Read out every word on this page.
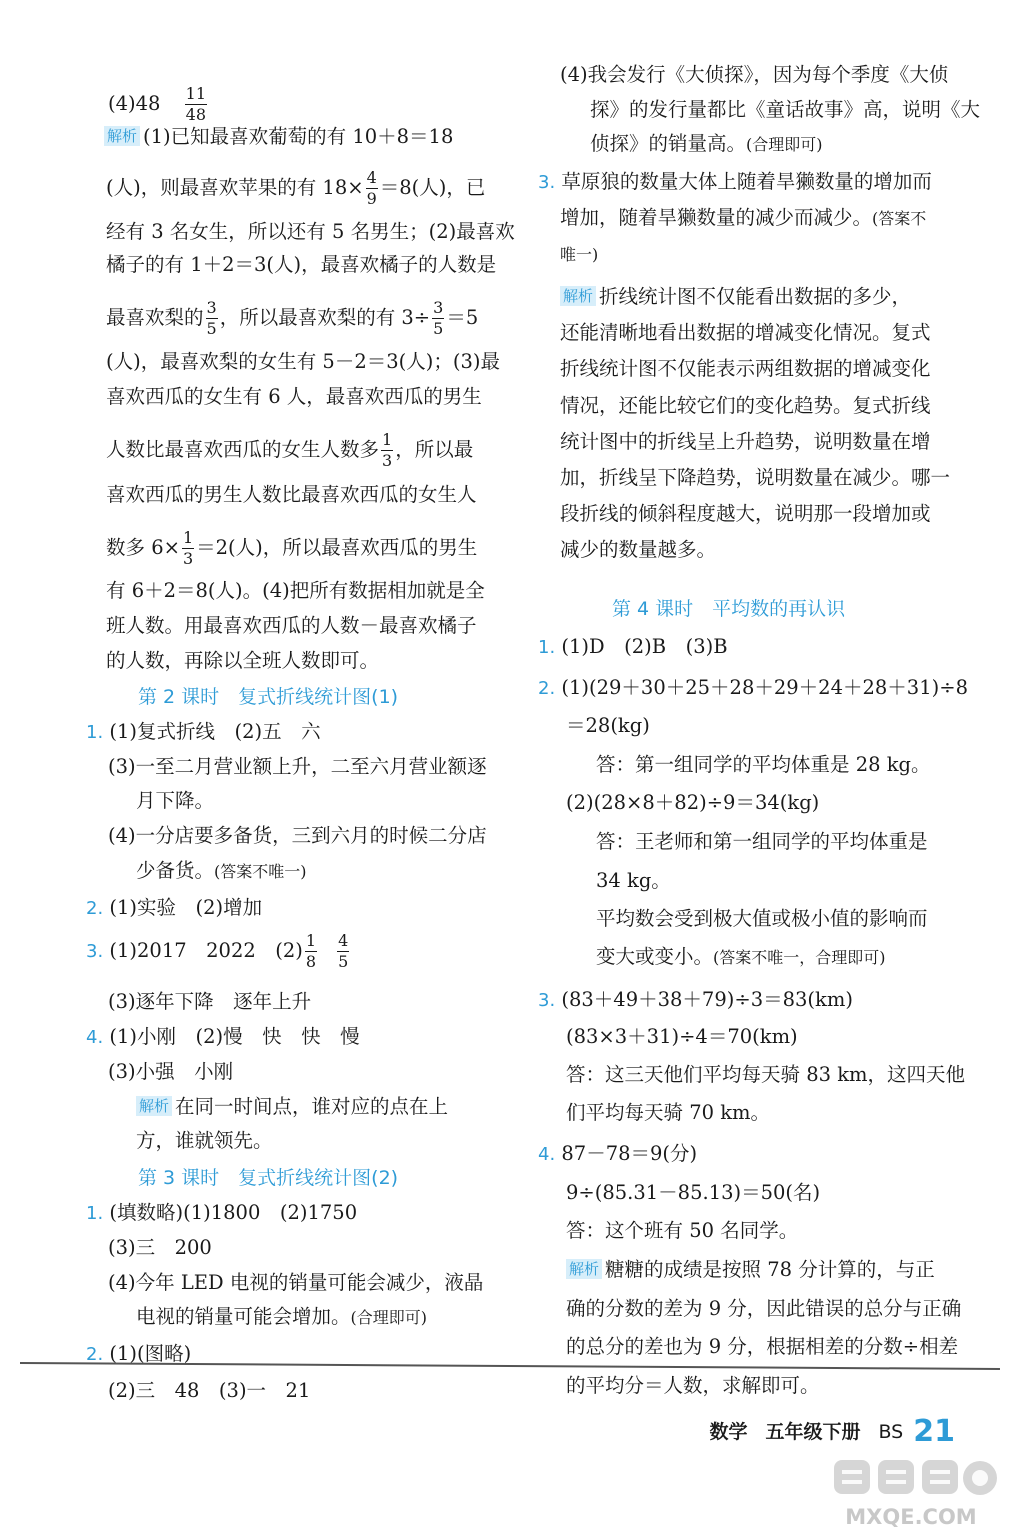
$(4)48 \frac{11}{48}$
解析 (1)已知最喜欢葡萄的有 10＋8＝18
(人)，则最喜欢苹果的有 $18\times \frac{4}{9} =8$(人)，已
经有 3 名女生，所以还有 5 名男生；(2)最喜欢
橘子的有 1＋2＝3(人)，最喜欢橘子的人数是
最喜欢梨的 $\frac{3}{5}$ ，所以最喜欢梨的有 $3\div \frac{3}{5} =5$
(人)，最喜欢梨的女生有 5－2＝3(人)；(3)最
喜欢西瓜的女生有 6 人，最喜欢西瓜的男生
人数比最喜欢西瓜的女生人数多 $\frac{1}{3}$ ，所以最
喜欢西瓜的男生人数比最喜欢西瓜的女生人
数多 $6\times \frac{1}{3} =2$(人)，所以最喜欢西瓜的男生
有 6＋2＝8(人)。(4)把所有数据相加就是全
班人数。用最喜欢西瓜的人数－最喜欢橘子
的人数，再除以全班人数即可。
第 2 课时　复式折线统计图(1)
1. (1)复式折线　(2)五　六
(3)一至二月营业额上升，二至六月营业额逐
月下降。
(4)一分店要多备货，三到六月的时候二分店
少备货。(答案不唯一)
2. (1)实验　(2)增加
3. (1)2017　2022　$(2) \frac{1}{8} \frac{4}{5}$
(3)逐年下降　逐年上升
4. (1)小刚　(2)慢　快　快　慢
(3)小强　小刚
解析 在同一时间点，谁对应的点在上
方，谁就领先。
第 3 课时　复式折线统计图(2)
1. (填数略)(1)1800　(2)1750
(3)三　200
(4)今年 LED 电视的销量可能会减少，液晶
电视的销量可能会增加。(合理即可)
2. (1)(图略)
(2)三　48　(3)一　21
(4)我会发行《大侦探》，因为每个季度《大侦
探》的发行量都比《童话故事》高，说明《大
侦探》的销量高。(合理即可)
3. 草原狼的数量大体上随着旱獭数量的增加而
增加，随着旱獭数量的减少而减少。(答案不
唯一)
解析 折线统计图不仅能看出数据的多少，
还能清晰地看出数据的增减变化情况。复式
折线统计图不仅能表示两组数据的增减变化
情况，还能比较它们的变化趋势。复式折线
统计图中的折线呈上升趋势，说明数量在增
加，折线呈下降趋势，说明数量在减少。哪一
段折线的倾斜程度越大，说明那一段增加或
减少的数量越多。
第 4 课时　平均数的再认识
1. (1)D　(2)B　(3)B
2. (1)(29＋30＋25＋28＋29＋24＋28＋31)÷8
＝28(kg)
答：第一组同学的平均体重是 28 kg。
(2)(28×8＋82)÷9＝34(kg)
答：王老师和第一组同学的平均体重是
34 kg。
平均数会受到极大值或极小值的影响而
变大或变小。(答案不唯一，合理即可)
3. (83＋49＋38＋79)÷3＝83(km)
(83×3＋31)÷4＝70(km)
答：这三天他们平均每天骑 83 km，这四天他
们平均每天骑 70 km。
4. 87－78＝9(分)
9÷(85.31－85.13)＝50(名)
答：这个班有 50 名同学。
解析 糖糖的成绩是按照 78 分计算的，与正
确的分数的差为 9 分，因此错误的总分与正确
的总分的差也为 9 分，根据相差的分数÷相差
的平均分＝人数，求解即可。
数学 五年级下册 BS 21
MXQE.COM
